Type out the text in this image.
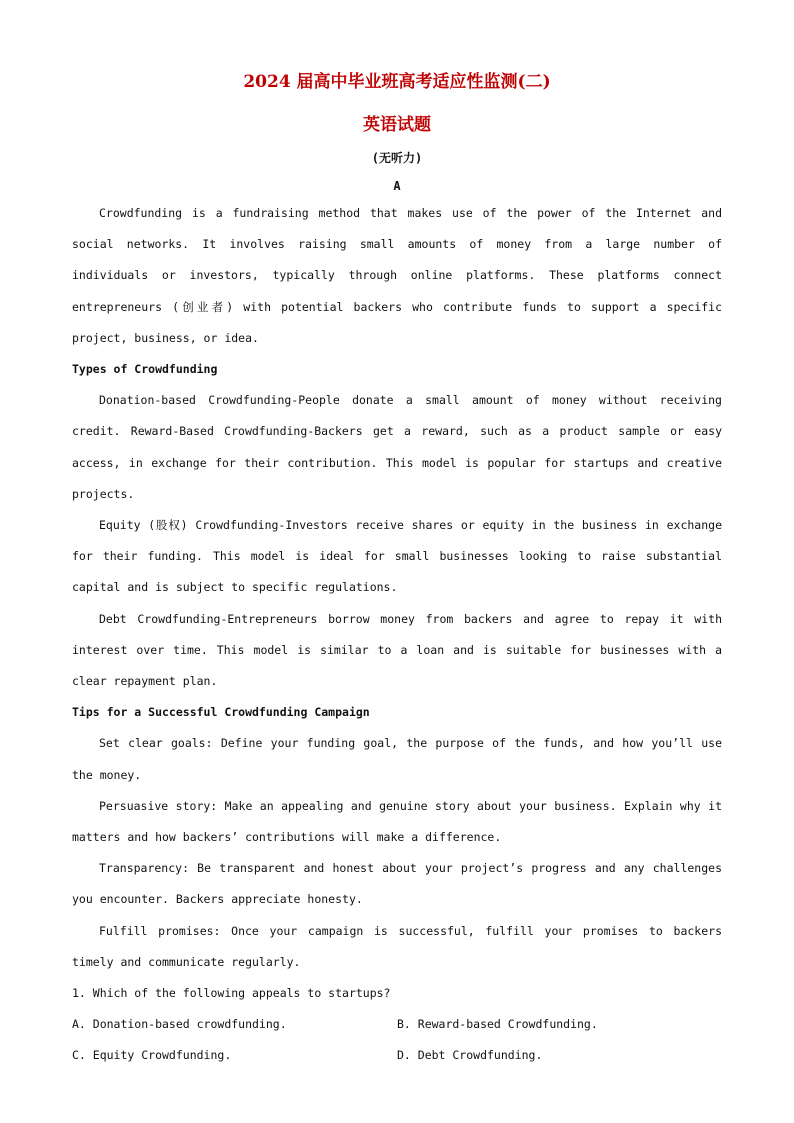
2024 届高中毕业班高考适应性监测(二)
英语试题
(无听力)
A

Crowdfunding is a fundraising method that makes use of the power of the Internet and social networks. It involves raising small amounts of money from a large number of individuals or investors, typically through online platforms. These platforms connect entrepreneurs (创业者) with potential backers who contribute funds to support a specific project, business, or idea.

Types of Crowdfunding

Donation-based Crowdfunding-People donate a small amount of money without receiving credit. Reward-Based Crowdfunding-Backers get a reward, such as a product sample or easy access, in exchange for their contribution. This model is popular for startups and creative projects.

Equity (股权) Crowdfunding-Investors receive shares or equity in the business in exchange for their funding. This model is ideal for small businesses looking to raise substantial capital and is subject to specific regulations.

Debt Crowdfunding-Entrepreneurs borrow money from backers and agree to repay it with interest over time. This model is similar to a loan and is suitable for businesses with a clear repayment plan.

Tips for a Successful Crowdfunding Campaign

Set clear goals: Define your funding goal, the purpose of the funds, and how you’ll use the money.

Persuasive story: Make an appealing and genuine story about your business. Explain why it matters and how backers’ contributions will make a difference.

Transparency: Be transparent and honest about your project’s progress and any challenges you encounter. Backers appreciate honesty.

Fulfill promises: Once your campaign is successful, fulfill your promises to backers timely and communicate regularly.

1. Which of the following appeals to startups?

A. Donation-based crowdfunding.	B. Reward-based Crowdfunding.
C. Equity Crowdfunding.	D. Debt Crowdfunding.
